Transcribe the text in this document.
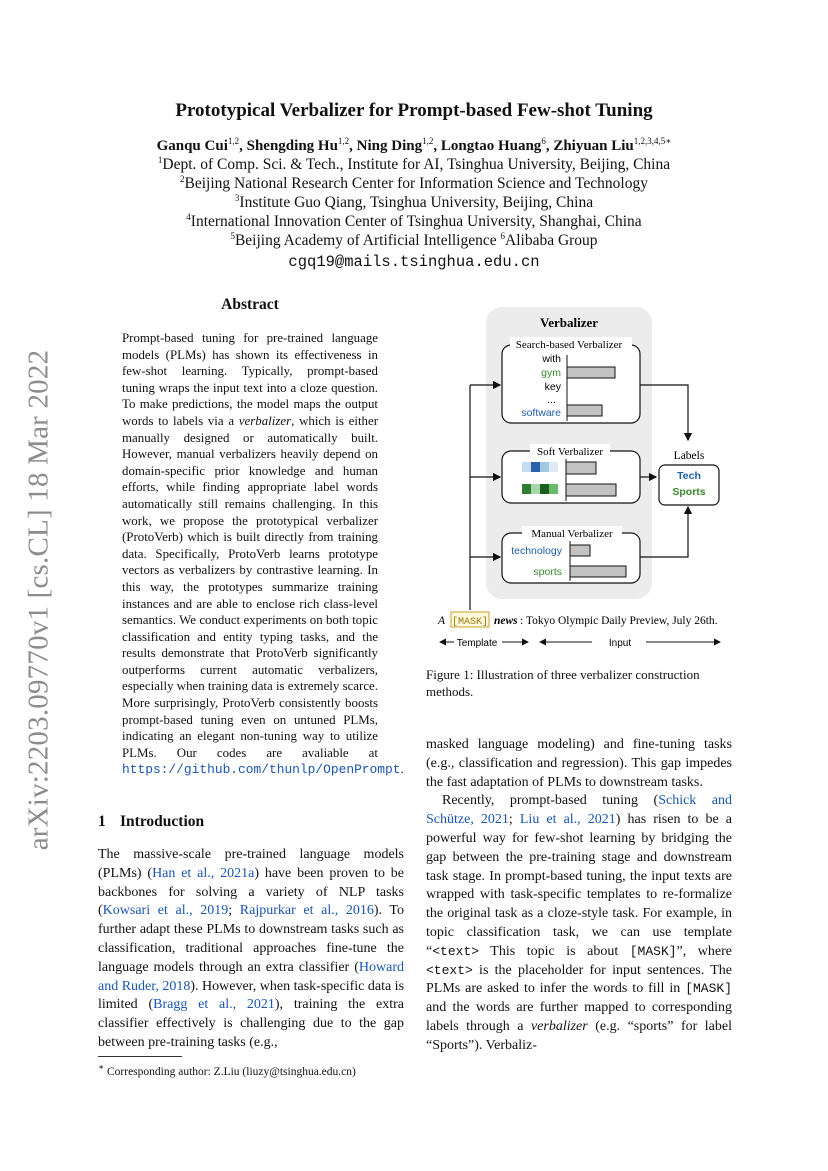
arXiv:2203.09770v1 [cs.CL] 18 Mar 2022
Prototypical Verbalizer for Prompt-based Few-shot Tuning
Ganqu Cui$^{1,2}$, Shengding Hu$^{1,2}$, Ning Ding$^{1,2}$, Longtao Huang$^6$, Zhiyuan Liu$^{1,2,3,4,5∗}$
$^1$Dept. of Comp. Sci. & Tech., Institute for AI, Tsinghua University, Beijing, China
$^2$Beijing National Research Center for Information Science and Technology
$^3$Institute Guo Qiang, Tsinghua University, Beijing, China
$^4$International Innovation Center of Tsinghua University, Shanghai, China
$^5$Beijing Academy of Artificial Intelligence $^6$Alibaba Group
cgq19@mails.tsinghua.edu.cn
Abstract
Prompt-based tuning for pre-trained language models (PLMs) has shown its effectiveness in few-shot learning. Typically, prompt-based tuning wraps the input text into a cloze question. To make predictions, the model maps the output words to labels via a verbalizer, which is either manually designed or automatically built. However, manual verbalizers heavily depend on domain-specific prior knowledge and human efforts, while finding appropriate label words automatically still remains challenging. In this work, we propose the prototypical verbalizer (ProtoVerb) which is built directly from training data. Specifically, ProtoVerb learns prototype vectors as verbalizers by contrastive learning. In this way, the prototypes summarize training instances and are able to enclose rich class-level semantics. We conduct experiments on both topic classification and entity typing tasks, and the results demonstrate that ProtoVerb significantly outperforms current automatic verbalizers, especially when training data is extremely scarce. More surprisingly, ProtoVerb consistently boosts prompt-based tuning even on untuned PLMs, indicating an elegant non-tuning way to utilize PLMs. Our codes are avaliable at https://github.com/thunlp/OpenPrompt.
1 Introduction
The massive-scale pre-trained language models (PLMs) (Han et al., 2021a) have been proven to be backbones for solving a variety of NLP tasks (Kowsari et al., 2019; Rajpurkar et al., 2016). To further adapt these PLMs to downstream tasks such as classification, traditional approaches fine-tune the language models through an extra classifier (Howard and Ruder, 2018). However, when task-specific data is limited (Bragg et al., 2021), training the extra classifier effectively is challenging due to the gap between pre-training tasks (e.g.,
∗ Corresponding author: Z.Liu (liuzy@tsinghua.edu.cn)
Verbalizer
Search-based Verbalizer
with
gym
key
...
software
Soft Verbalizer
Manual Verbalizer
technology
sports
Labels
Tech
Sports
A [MASK] news : Tokyo Olympic Daily Preview, July 26th.
Template	Input
Figure 1: Illustration of three verbalizer construction methods.
masked language modeling) and fine-tuning tasks (e.g., classification and regression). This gap impedes the fast adaptation of PLMs to downstream tasks.
Recently, prompt-based tuning (Schick and Schütze, 2021; Liu et al., 2021) has risen to be a powerful way for few-shot learning by bridging the gap between the pre-training stage and downstream task stage. In prompt-based tuning, the input texts are wrapped with task-specific templates to re-formalize the original task as a cloze-style task. For example, in topic classification task, we can use template “<text> This topic is about [MASK]”, where <text> is the placeholder for input sentences. The PLMs are asked to infer the words to fill in [MASK] and the words are further mapped to corresponding labels through a verbalizer (e.g. “sports” for label “Sports”). Verbaliz-
